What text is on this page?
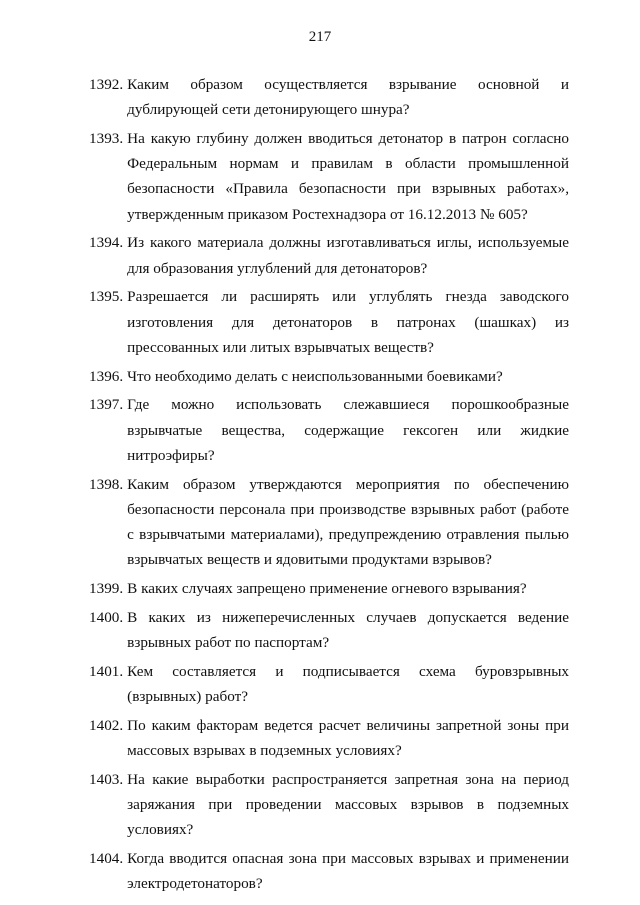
217
1392. Каким образом осуществляется взрывание основной и дублирующей сети детонирующего шнура?
1393. На какую глубину должен вводиться детонатор в патрон согласно Федеральным нормам и правилам в области промышленной безопасности «Правила безопасности при взрывных работах», утвержденным приказом Ростехнадзора от 16.12.2013 № 605?
1394. Из какого материала должны изготавливаться иглы, используемые для образования углублений для детонаторов?
1395. Разрешается ли расширять или углублять гнезда заводского изготовления для детонаторов в патронах (шашках) из прессованных или литых взрывчатых веществ?
1396. Что необходимо делать с неиспользованными боевиками?
1397. Где можно использовать слежавшиеся порошкообразные взрывчатые вещества, содержащие гексоген или жидкие нитроэфиры?
1398. Каким образом утверждаются мероприятия по обеспечению безопасности персонала при производстве взрывных работ (работе с взрывчатыми материалами), предупреждению отравления пылью взрывчатых веществ и ядовитыми продуктами взрывов?
1399. В каких случаях запрещено применение огневого взрывания?
1400. В каких из нижеперечисленных случаев допускается ведение взрывных работ по паспортам?
1401. Кем составляется и подписывается схема буровзрывных (взрывных) работ?
1402. По каким факторам ведется расчет величины запретной зоны при массовых взрывах в подземных условиях?
1403. На какие выработки распространяется запретная зона на период заряжания при проведении массовых взрывов в подземных условиях?
1404. Когда вводится опасная зона при массовых взрывах и применении электродетонаторов?
